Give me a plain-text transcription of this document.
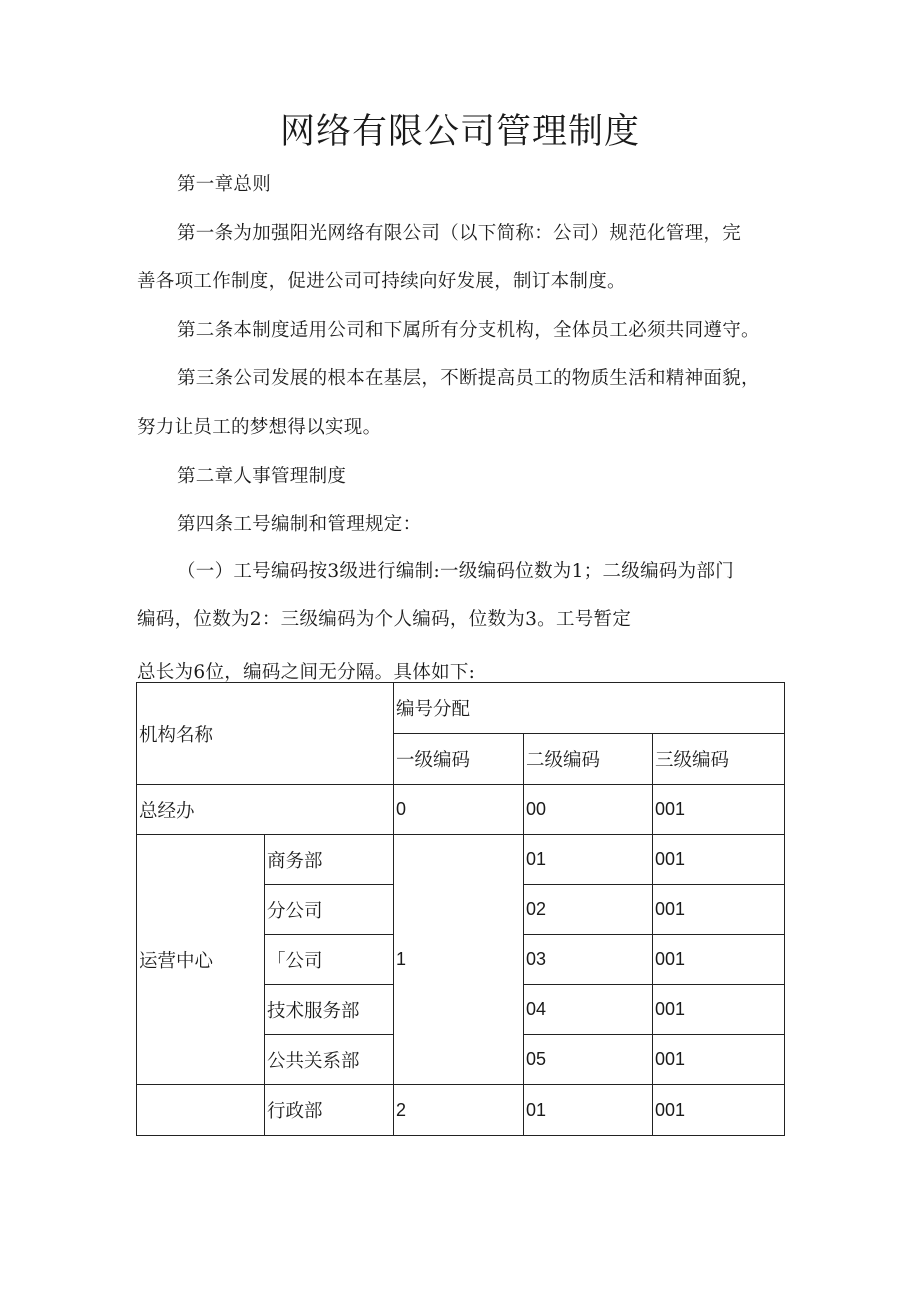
网络有限公司管理制度
第一章总则
第一条为加强阳光网络有限公司（以下简称：公司）规范化管理，完
善各项工作制度，促进公司可持续向好发展，制订本制度。
第二条本制度适用公司和下属所有分支机构，全体员工必须共同遵守。
第三条公司发展的根本在基层，不断提高员工的物质生活和精神面貌，
努力让员工的梦想得以实现。
第二章人事管理制度
第四条工号编制和管理规定：
（一）工号编码按3级进行编制:一级编码位数为1；二级编码为部门
编码，位数为2：三级编码为个人编码，位数为3。工号暂定
总长为6位，编码之间无分隔。具体如下:
机构名称		编号分配		
		一级编码	二级编码	三级编码
总经办		0	00	001
运营中心	商务部	1	01	001
	分公司		02	001
	「公司		03	001
	技术服务部		04	001
	公共关系部		05	001
	行政部	2	01	001
